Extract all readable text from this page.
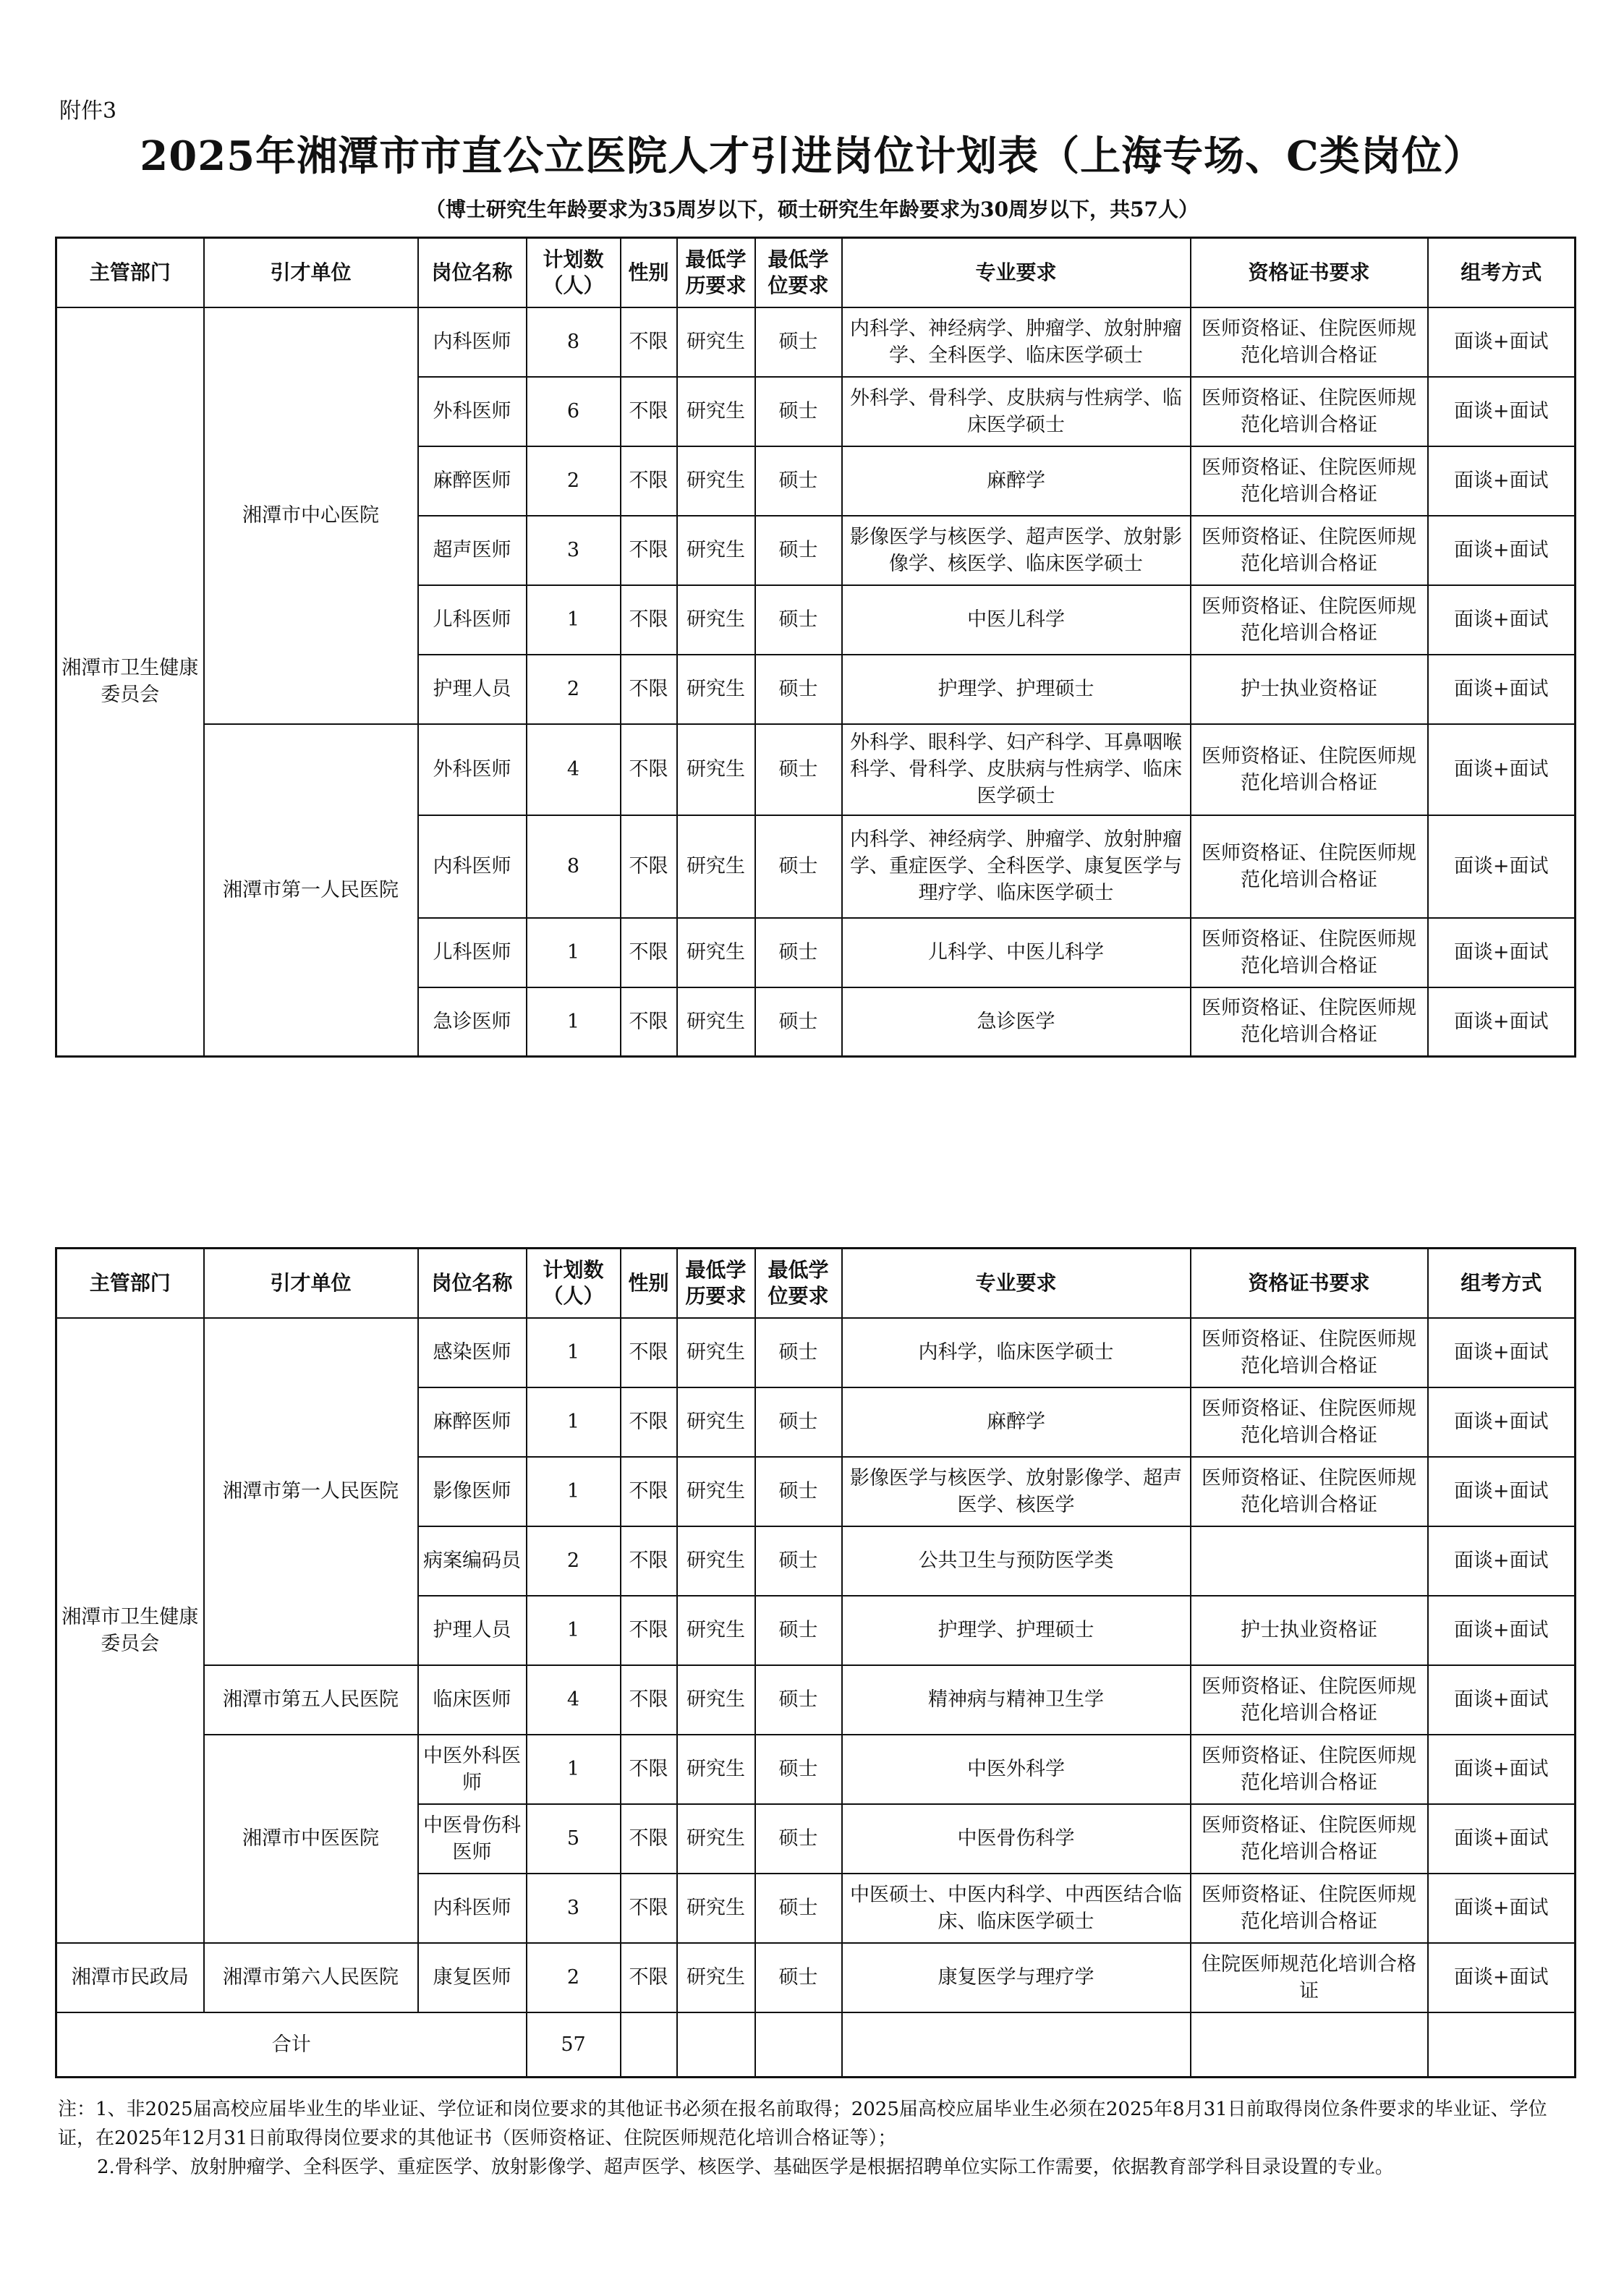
附件3
2025年湘潭市市直公立医院人才引进岗位计划表（上海专场、C类岗位）
（博士研究生年龄要求为35周岁以下，硕士研究生年龄要求为30周岁以下，共57人）
主管部门	引才单位	岗位名称	计划数（人）	性别	最低学历要求	最低学位要求	专业要求	资格证书要求	组考方式
湘潭市卫生健康委员会	湘潭市中心医院	内科医师	8	不限	研究生	硕士	内科学、神经病学、肿瘤学、放射肿瘤学、全科医学、临床医学硕士	医师资格证、住院医师规范化培训合格证	面谈+面试
		外科医师	6	不限	研究生	硕士	外科学、骨科学、皮肤病与性病学、临床医学硕士	医师资格证、住院医师规范化培训合格证	面谈+面试
		麻醉医师	2	不限	研究生	硕士	麻醉学	医师资格证、住院医师规范化培训合格证	面谈+面试
		超声医师	3	不限	研究生	硕士	影像医学与核医学、超声医学、放射影像学、核医学、临床医学硕士	医师资格证、住院医师规范化培训合格证	面谈+面试
		儿科医师	1	不限	研究生	硕士	中医儿科学	医师资格证、住院医师规范化培训合格证	面谈+面试
		护理人员	2	不限	研究生	硕士	护理学、护理硕士	护士执业资格证	面谈+面试
	湘潭市第一人民医院	外科医师	4	不限	研究生	硕士	外科学、眼科学、妇产科学、耳鼻咽喉科学、骨科学、皮肤病与性病学、临床医学硕士	医师资格证、住院医师规范化培训合格证	面谈+面试
		内科医师	8	不限	研究生	硕士	内科学、神经病学、肿瘤学、放射肿瘤学、重症医学、全科医学、康复医学与理疗学、临床医学硕士	医师资格证、住院医师规范化培训合格证	面谈+面试
		儿科医师	1	不限	研究生	硕士	儿科学、中医儿科学	医师资格证、住院医师规范化培训合格证	面谈+面试
		急诊医师	1	不限	研究生	硕士	急诊医学	医师资格证、住院医师规范化培训合格证	面谈+面试
主管部门	引才单位	岗位名称	计划数（人）	性别	最低学历要求	最低学位要求	专业要求	资格证书要求	组考方式
湘潭市卫生健康委员会	湘潭市第一人民医院	感染医师	1	不限	研究生	硕士	内科学，临床医学硕士	医师资格证、住院医师规范化培训合格证	面谈+面试
		麻醉医师	1	不限	研究生	硕士	麻醉学	医师资格证、住院医师规范化培训合格证	面谈+面试
		影像医师	1	不限	研究生	硕士	影像医学与核医学、放射影像学、超声医学、核医学	医师资格证、住院医师规范化培训合格证	面谈+面试
		病案编码员	2	不限	研究生	硕士	公共卫生与预防医学类		面谈+面试
		护理人员	1	不限	研究生	硕士	护理学、护理硕士	护士执业资格证	面谈+面试
	湘潭市第五人民医院	临床医师	4	不限	研究生	硕士	精神病与精神卫生学	医师资格证、住院医师规范化培训合格证	面谈+面试
	湘潭市中医医院	中医外科医师	1	不限	研究生	硕士	中医外科学	医师资格证、住院医师规范化培训合格证	面谈+面试
		中医骨伤科医师	5	不限	研究生	硕士	中医骨伤科学	医师资格证、住院医师规范化培训合格证	面谈+面试
		内科医师	3	不限	研究生	硕士	中医硕士、中医内科学、中西医结合临床、临床医学硕士	医师资格证、住院医师规范化培训合格证	面谈+面试
湘潭市民政局	湘潭市第六人民医院	康复医师	2	不限	研究生	硕士	康复医学与理疗学	住院医师规范化培训合格证	面谈+面试
合计			57						

注：1、非2025届高校应届毕业生的毕业证、学位证和岗位要求的其他证书必须在报名前取得；2025届高校应届毕业生必须在2025年8月31日前取得岗位条件要求的毕业证、学位证，在2025年12月31日前取得岗位要求的其他证书（医师资格证、住院医师规范化培训合格证等）；

2.骨科学、放射肿瘤学、全科医学、重症医学、放射影像学、超声医学、核医学、基础医学是根据招聘单位实际工作需要，依据教育部学科目录设置的专业。
